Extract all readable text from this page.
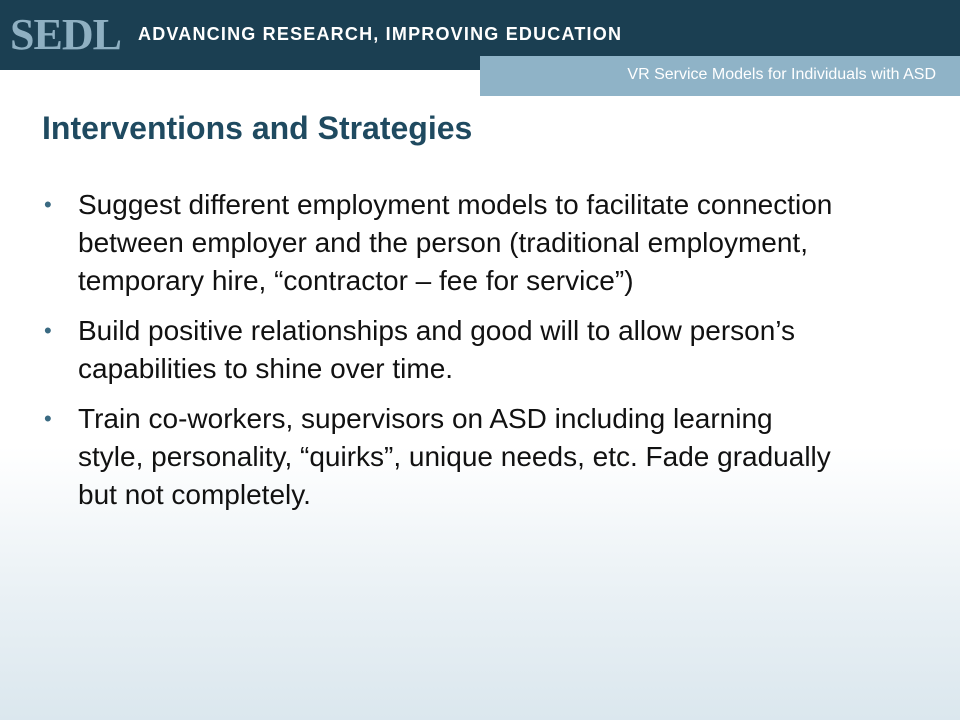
SEDL ADVANCING RESEARCH, IMPROVING EDUCATION
VR Service Models for Individuals with ASD
Interventions and Strategies
• Suggest different employment models to facilitate connection between employer and the person (traditional employment, temporary hire, “contractor – fee for service”)
• Build positive relationships and good will to allow person’s capabilities to shine over time.
• Train co-workers, supervisors on ASD including learning style, personality, “quirks”, unique needs, etc. Fade gradually but not completely.
